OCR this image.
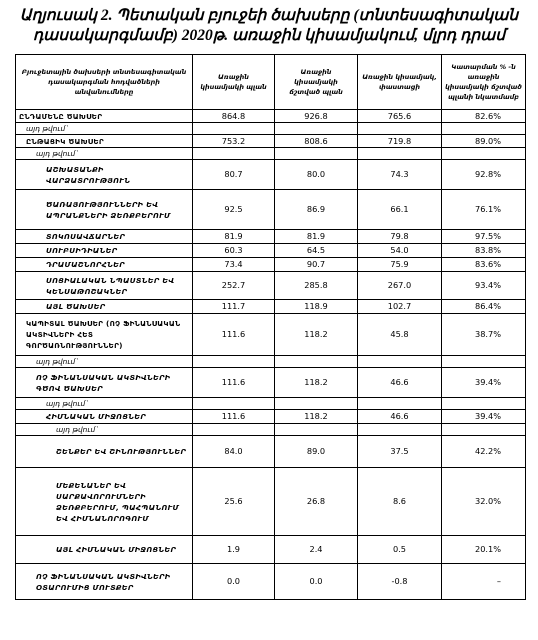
Աղյուսակ 2. Պետական բյուջեի ծախսերը (տնտեսագիտական
դասակարգմամբ) 2020թ. առաջին կիսամյակում, մլրդ դրամ
Բյուջետային ծախսերի տնտեսագիտական դասակարգման հոդվածների անվանումները	Առաջին կիսամյակի պլան	Առաջին կիսամյակի ճշտված պլան	Առաջին կիսամյակ, փաստացի	Կատարման % -ն առաջին կիսամյակի ճշտված պլանի նկատմամբ
ԸՆԴԱՄԵՆԸ ԾԱԽՍԵՐ	864.8	926.8	765.6	82.6%
այդ թվում`				
ԸՆԹԱՑԻԿ ԾԱԽՍԵՐ	753.2	808.6	719.8	89.0%
այդ թվում`				
ԱՇԽԱՏԱՆՔԻ ՎԱՐՁԱՏՐՈՒԹՅՈՒՆ	80.7	80.0	74.3	92.8%
ԾԱՌԱՅՈՒԹՅՈՒՆՆԵՐԻ ԵՎ ԱՊՐԱՆՔՆԵՐԻ ՁԵՌՔԲԵՐՈՒՄ	92.5	86.9	66.1	76.1%
ՏՈԿՈՍԱՎՃԱՐՆԵՐ	81.9	81.9	79.8	97.5%
ՍՈՒԲՍԻԴԻԱՆԵՐ	60.3	64.5	54.0	83.8%
ԴՐԱՄԱՇՆՈՐՀՆԵՐ	73.4	90.7	75.9	83.6%
ՍՈՑԻԱԼԱԿԱՆ ՆՊԱՍՏՆԵՐ ԵՎ ԿԵՆՍԱԹՈՇԱԿՆԵՐ	252.7	285.8	267.0	93.4%
ԱՅԼ ԾԱԽՍԵՐ	111.7	118.9	102.7	86.4%
ԿԱՊԻՏԱԼ ԾԱԽՍԵՐ (ՈՉ ՖԻՆԱՆՍԱԿԱՆ ԱԿՏԻՎՆԵՐԻ ՀԵՏ ԳՈՐԾԱՌՆՈՒԹՅՈՒՆՆԵՐ)	111.6	118.2	45.8	38.7%
այդ թվում`				
ՈՉ ՖԻՆԱՆՍԱԿԱՆ ԱԿՏԻՎՆԵՐԻ ԳԾՈՎ ԾԱԽՍԵՐ	111.6	118.2	46.6	39.4%
այդ թվում`				
ՀԻՄՆԱԿԱՆ ՄԻՋՈՑՆԵՐ	111.6	118.2	46.6	39.4%
այդ թվում`				
ՇԵՆՔԵՐ ԵՎ ՇԻՆՈՒԹՅՈՒՆՆԵՐ	84.0	89.0	37.5	42.2%
ՄԵՔԵՆԱՆԵՐ ԵՎ ՍԱՐՔԱՎՈՐՈՒՄՆԵՐԻ ՁԵՌՔԲԵՐՈՒՄ, ՊԱՀՊԱՆՈՒՄ ԵՎ ՀԻՄՆԱՆՈՐՈԳՈՒՄ	25.6	26.8	8.6	32.0%
ԱՅԼ ՀԻՄՆԱԿԱՆ ՄԻՋՈՑՆԵՐ	1.9	2.4	0.5	20.1%
ՈՉ ՖԻՆԱՆՍԱԿԱՆ ԱԿՏԻՎՆԵՐԻ ՕՏԱՐՈՒՄԻՑ ՄՈՒՏՔԵՐ	0.0	0.0	-0.8	–
